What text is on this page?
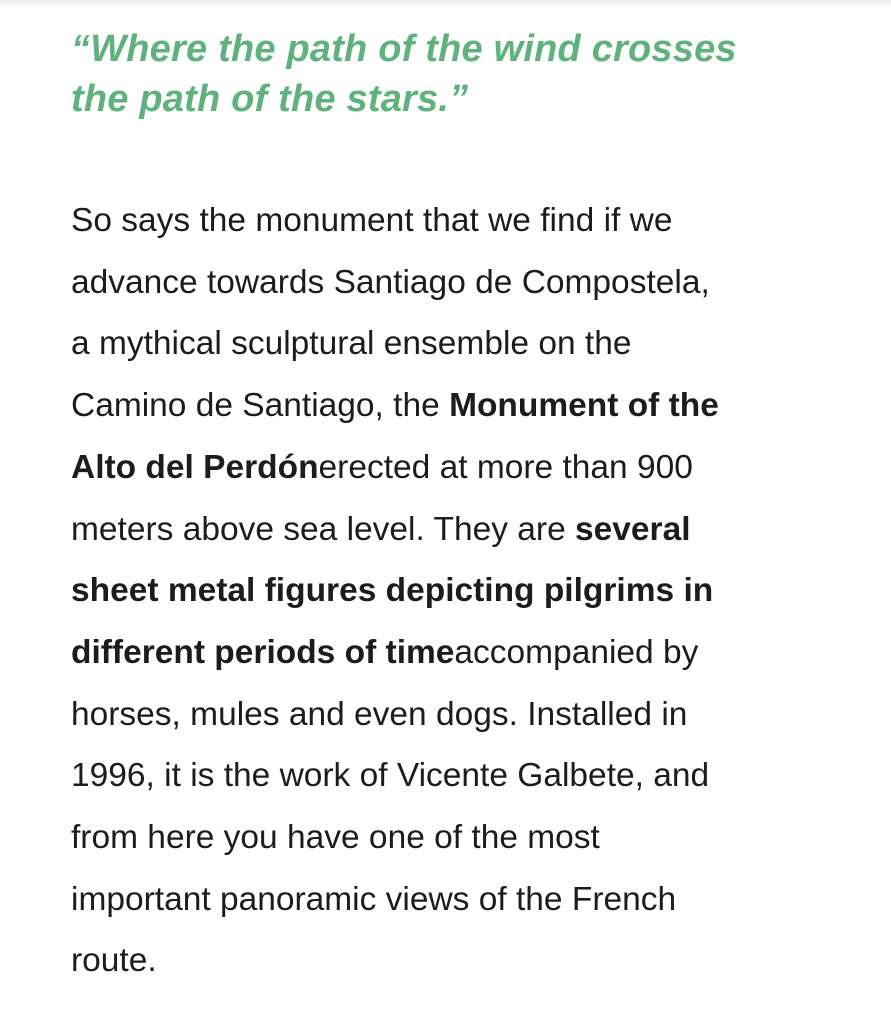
“Where the path of the wind crosses
the path of the stars.”

So says the monument that we find if we
advance towards Santiago de Compostela,
a mythical sculptural ensemble on the
Camino de Santiago, the Monument of the
Alto del Perdónerected at more than 900
meters above sea level. They are several
sheet metal figures depicting pilgrims in
different periods of timeaccompanied by
horses, mules and even dogs. Installed in
1996, it is the work of Vicente Galbete, and
from here you have one of the most
important panoramic views of the French
route.
